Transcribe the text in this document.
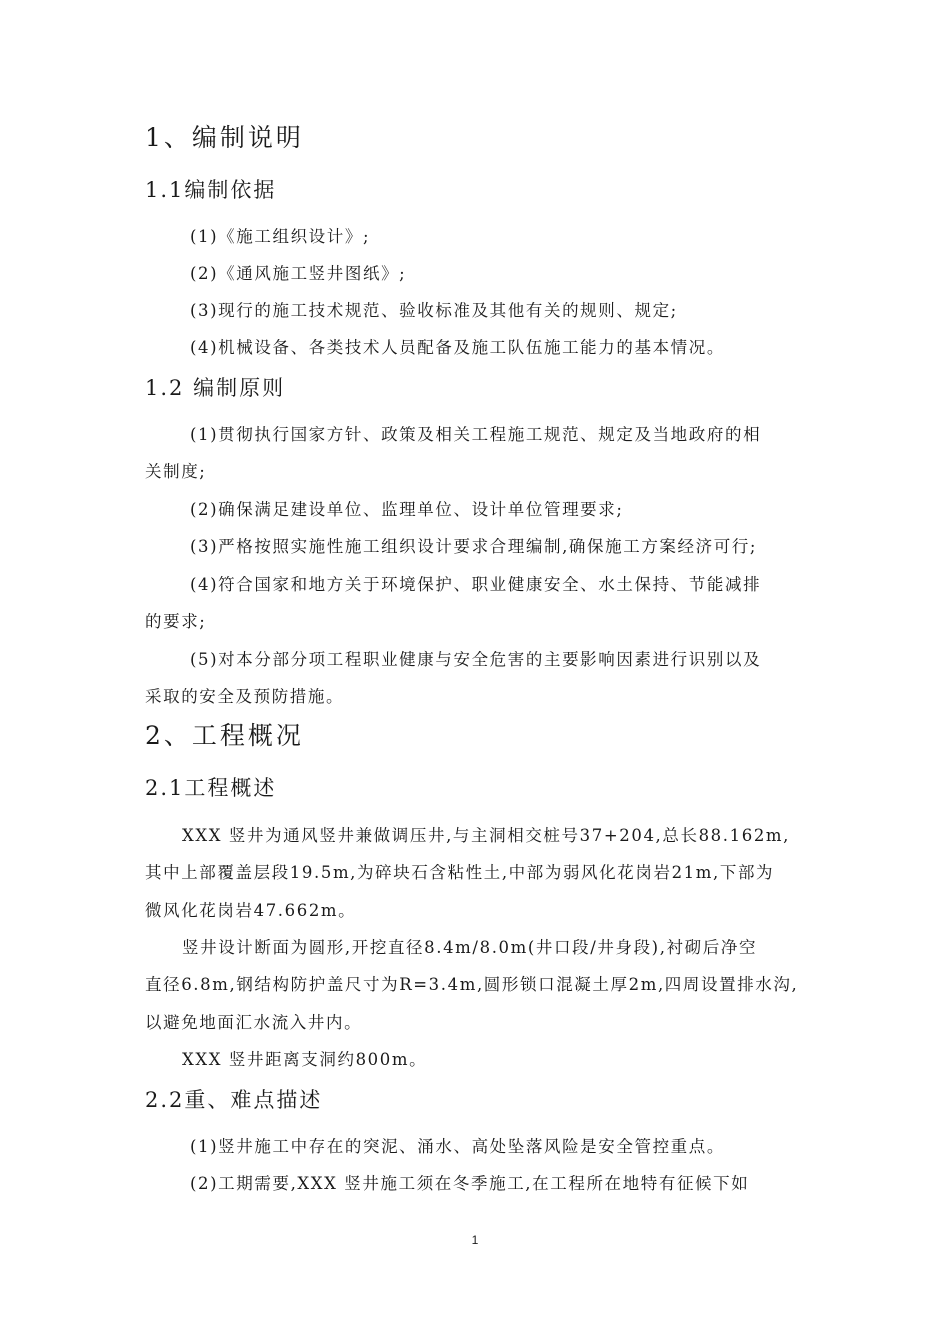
1、编制说明
1.1编制依据
(1)《施工组织设计》;
(2)《通风施工竖井图纸》;
(3)现行的施工技术规范、验收标准及其他有关的规则、规定;
(4)机械设备、各类技术人员配备及施工队伍施工能力的基本情况。
1.2 编制原则
(1)贯彻执行国家方针、政策及相关工程施工规范、规定及当地政府的相
关制度;
(2)确保满足建设单位、监理单位、设计单位管理要求;
(3)严格按照实施性施工组织设计要求合理编制,确保施工方案经济可行;
(4)符合国家和地方关于环境保护、职业健康安全、水土保持、节能减排
的要求;
(5)对本分部分项工程职业健康与安全危害的主要影响因素进行识别以及
采取的安全及预防措施。
2、工程概况
2.1工程概述
XXX 竖井为通风竖井兼做调压井,与主洞相交桩号37+204,总长88.162m,
其中上部覆盖层段19.5m,为碎块石含粘性土,中部为弱风化花岗岩21m,下部为
微风化花岗岩47.662m。
竖井设计断面为圆形,开挖直径8.4m/8.0m(井口段/井身段),衬砌后净空
直径6.8m,钢结构防护盖尺寸为R=3.4m,圆形锁口混凝土厚2m,四周设置排水沟,
以避免地面汇水流入井内。
XXX 竖井距离支洞约800m。
2.2重、难点描述
(1)竖井施工中存在的突泥、涌水、高处坠落风险是安全管控重点。
(2)工期需要,XXX 竖井施工须在冬季施工,在工程所在地特有征候下如
1
